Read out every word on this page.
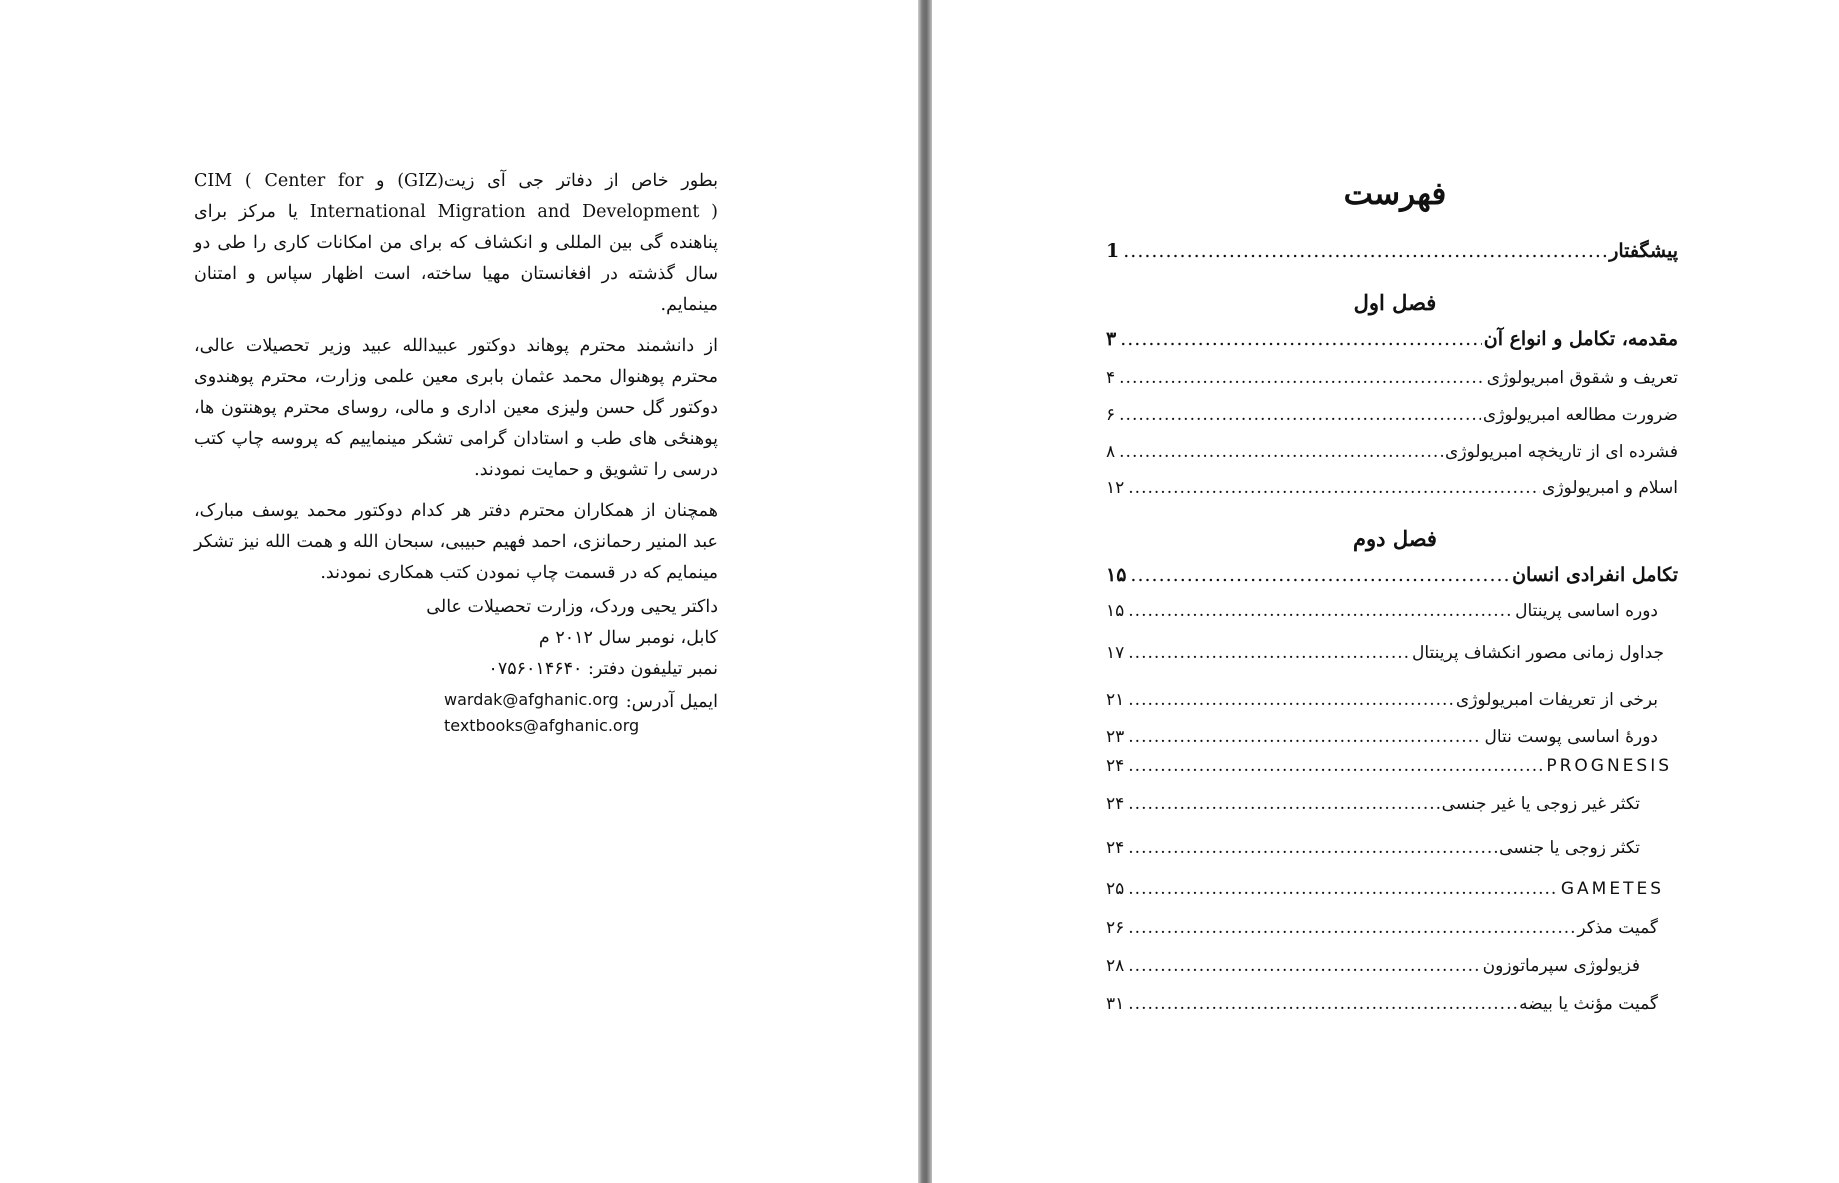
بطور خاص از دفاتر جی آی زیت(GIZ) و CIM ( Center for International Migration and Development ) یا مرکز برای پناهنده گی بین المللی و انکشاف که برای من امکانات کاری را طی دو سال گذشته در افغانستان مهیا ساخته، است اظهار سپاس و امتنان مینمایم.

از دانشمند محترم پوهاند دوکتور عبیدالله عبید وزیر تحصیلات عالی، محترم پوهنوال محمد عثمان بابری معین علمی وزارت، محترم پوهندوی دوکتور گل حسن ولیزی معین اداری و مالی، روسای محترم پوهنتون ها، پوهنځی های طب و استادان گرامی تشکر مینماییم که پروسه چاپ کتب درسی را تشویق و حمایت نمودند.

همچنان از همکاران محترم دفتر هر کدام دوکتور محمد یوسف مبارک، عبد المنیر رحمانزی، احمد فهیم حبیبی، سبحان الله و همت الله نیز تشکر مینمایم که در قسمت چاپ نمودن کتب همکاری نمودند.

داکتر یحیی وردک، وزارت تحصیلات عالی
کابل، نومبر سال ۲۰۱۲ م
نمبر تیلیفون دفتر: ۰۷۵۶۰۱۴۶۴۰
ایمیل آدرس:
wardak@afghanic.org
textbooks@afghanic.org
فهرست
پیشگفتار
.....
1
فصل اول
مقدمه، تکامل و انواع آن
.....
۳
تعریف و شقوق امبریولوژی
.....
۴
ضرورت مطالعه امبریولوژی
.....
۶
فشرده ای از تاریخچه امبریولوژی
.....
۸
اسلام و امبریولوژی
.....
۱۲
فصل دوم
تکامل انفرادی انسان
.....
۱۵
دوره اساسی پرینتال
.....
۱۵
جداول زمانی مصور انکشاف پرینتال
.....
۱۷
برخی از تعریفات امبریولوژی
.....
۲۱
دورۀ اساسی پوست نتال
.....
۲۳
PROGNESIS
.....
۲۴
تکثر غیر زوجی یا غیر جنسی
.....
۲۴
تکثر زوجی یا جنسی
.....
۲۴
GAMETES
.....
۲۵
گمیت مذکر
.....
۲۶
فزیولوژی سپرماتوزون
.....
۲۸
گمیت مؤنث یا بیضه
.....
۳۱
